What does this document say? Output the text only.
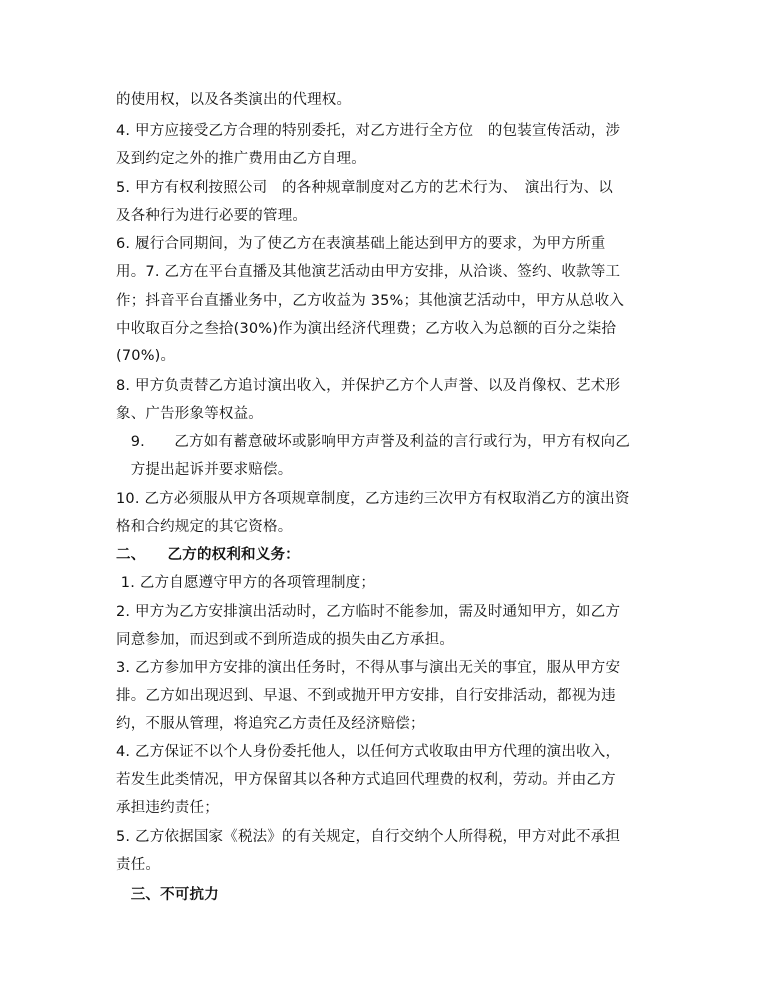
的使用权，以及各类演出的代理权。
4. 甲方应接受乙方合理的特别委托，对乙方进行全方位　的包装宣传活动，涉
及到约定之外的推广费用由乙方自理。
5. 甲方有权利按照公司　的各种规章制度对乙方的艺术行为、　演出行为、以
及各种行为进行必要的管理。
6. 履行合同期间，为了使乙方在表演基础上能达到甲方的要求，为甲方所重
用。7. 乙方在平台直播及其他演艺活动由甲方安排，从洽谈、签约、收款等工
作；抖音平台直播业务中，乙方收益为 35%；其他演艺活动中，甲方从总收入
中收取百分之叁拾(30%)作为演出经济代理费；乙方收入为总额的百分之柒拾
(70%)。
8. 甲方负责替乙方追讨演出收入，并保护乙方个人声誉、以及肖像权、艺术形
象、广告形象等权益。
　9.　　乙方如有蓄意破坏或影响甲方声誉及利益的言行或行为，甲方有权向乙
　方提出起诉并要求赔偿。
10. 乙方必须服从甲方各项规章制度，乙方违约三次甲方有权取消乙方的演出资
格和合约规定的其它资格。
二、　　乙方的权利和义务：
1. 乙方自愿遵守甲方的各项管理制度；
2. 甲方为乙方安排演出活动时，乙方临时不能参加，需及时通知甲方，如乙方
同意参加，而迟到或不到所造成的损失由乙方承担。
3. 乙方参加甲方安排的演出任务时，不得从事与演出无关的事宜，服从甲方安
排。乙方如出现迟到、早退、不到或抛开甲方安排，自行安排活动，都视为违
约，不服从管理，将追究乙方责任及经济赔偿；
4. 乙方保证不以个人身份委托他人，以任何方式收取由甲方代理的演出收入，
若发生此类情况，甲方保留其以各种方式追回代理费的权利，劳动。并由乙方
承担违约责任；
5. 乙方依据国家《税法》的有关规定，自行交纳个人所得税，甲方对此不承担
责任。
　三、不可抗力
